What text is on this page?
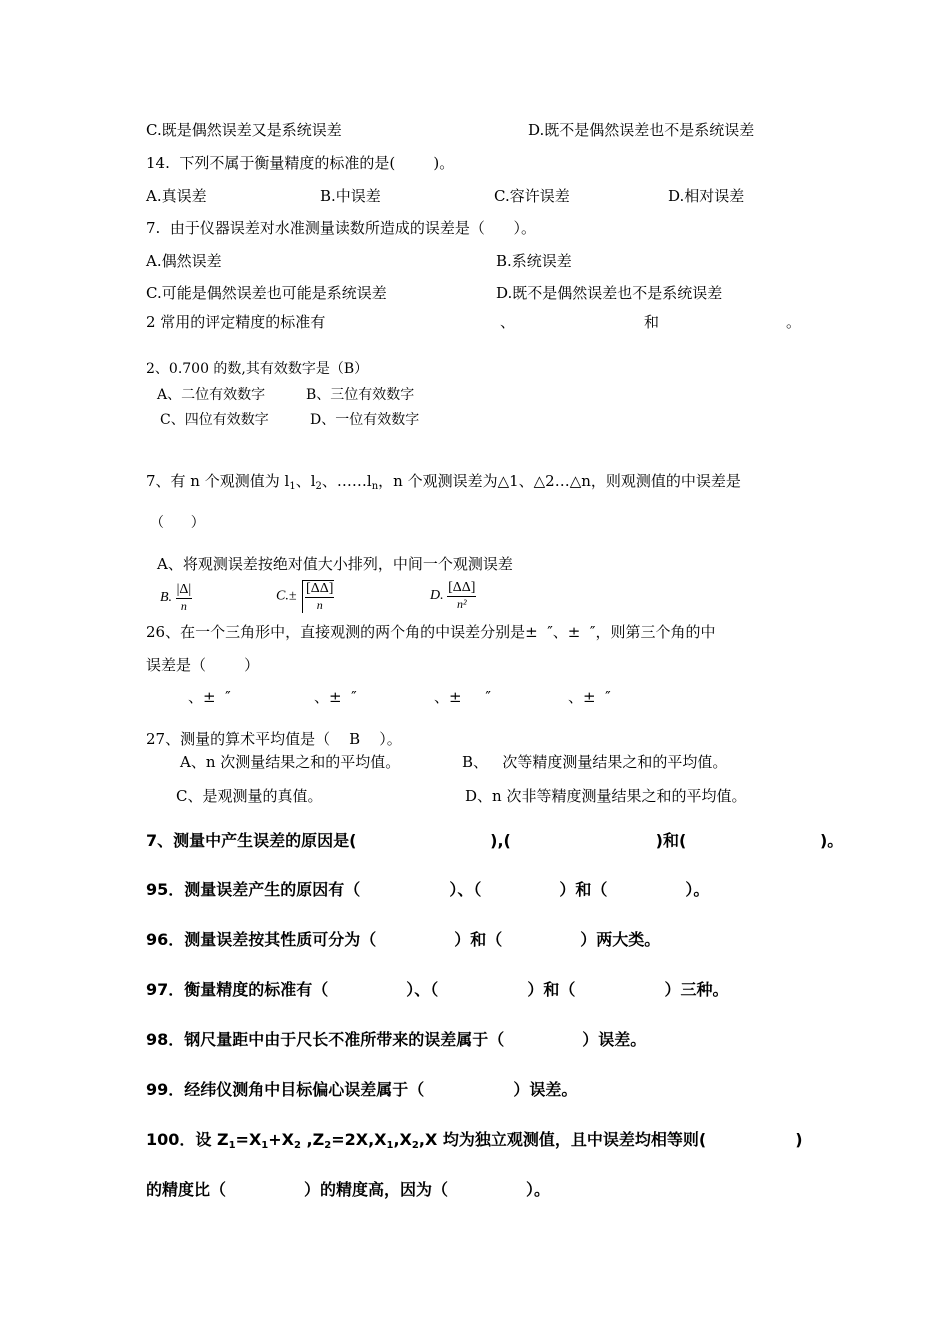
C.既是偶然误差又是系统误差	D.既不是偶然误差也不是系统误差
14.  下列不属于衡量精度的标准的是(        )。
A.真误差	B.中误差	C.容许误差	D.相对误差
7.  由于仪器误差对水准测量读数所造成的误差是（      ）。
A.偶然误差	B.系统误差
C.可能是偶然误差也可能是系统误差	D.既不是偶然误差也不是系统误差
2 常用的评定精度的标准有	、	和	。
2、0.700 的数,其有效数字是（B）
A、二位有效数字	B、三位有效数字
C、四位有效数字	D、一位有效数字
7、有 n 个观测值为 $l_1$、$l_2$、$\dots\dots l_n$，n 个观测误差为△1、△2…△n，则观测值的中误差是
（      ）
A、将观测误差按绝对值大小排列，中间一个观测误差
B. $\frac{|\Delta|}{n}$	$C.\pm \frac{[\Delta\Delta]}{n}$	D. $\frac{[\Delta\Delta]}{\text{n²}}$
26、在一个三角形中，直接观测的两个角的中误差分别是±  ″、±  ″，则第三个角的中
误差是（        ）
、±  ″	、±  ″	、±     ″	、±  ″
27、测量的算术平均值是（    B    ）。
A、n 次测量结果之和的平均值。	B、   次等精度测量结果之和的平均值。
C、是观测量的真值。	D、n 次非等精度测量结果之和的平均值。
7、测量中产生误差的原因是(                        ),(                          )和(                        )。
95．测量误差产生的原因有（                ）、（              ）和（              ）。
96．测量误差按其性质可分为（              ）和（              ）两大类。
97．衡量精度的标准有（              ）、（                ）和（                ）三种。
98．钢尺量距中由于尺长不准所带来的误差属于（              ）误差。
99．经纬仪测角中目标偏心误差属于（                ）误差。
100．设 $Z_1=X_1+X_2$ $,Z_2=2X,X_1,X_2,X$ 均为独立观测值，且中误差均相等则(                )
的精度比（              ）的精度高，因为（              ）。
